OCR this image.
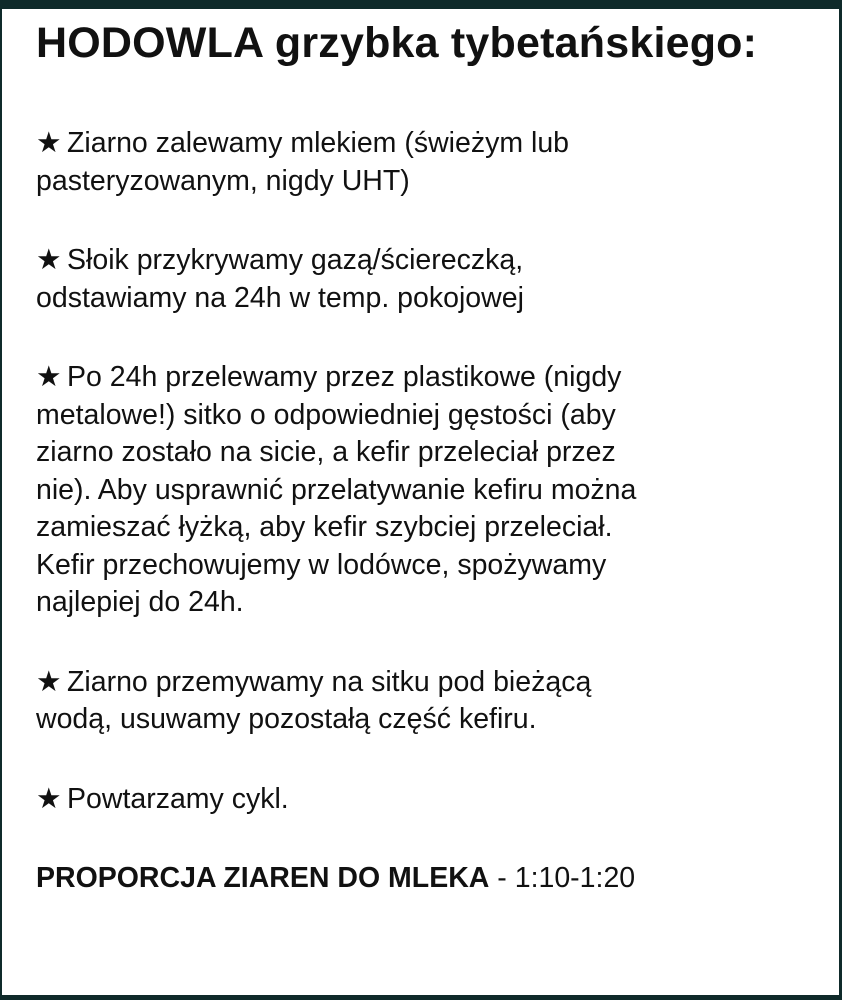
HODOWLA grzybka tybetańskiego:
★ Ziarno zalewamy mlekiem (świeżym lub
pasteryzowanym, nigdy UHT)
★ Słoik przykrywamy gazą/ściereczką,
odstawiamy na 24h w temp. pokojowej
★ Po 24h przelewamy przez plastikowe (nigdy
metalowe!) sitko o odpowiedniej gęstości (aby
ziarno zostało na sicie, a kefir przeleciał przez
nie). Aby usprawnić przelatywanie kefiru można
zamieszać łyżką, aby kefir szybciej przeleciał.
Kefir przechowujemy w lodówce, spożywamy
najlepiej do 24h.
★ Ziarno przemywamy na sitku pod bieżącą
wodą, usuwamy pozostałą część kefiru.
★ Powtarzamy cykl.

PROPORCJA ZIAREN DO MLEKA - 1:10-1:20
